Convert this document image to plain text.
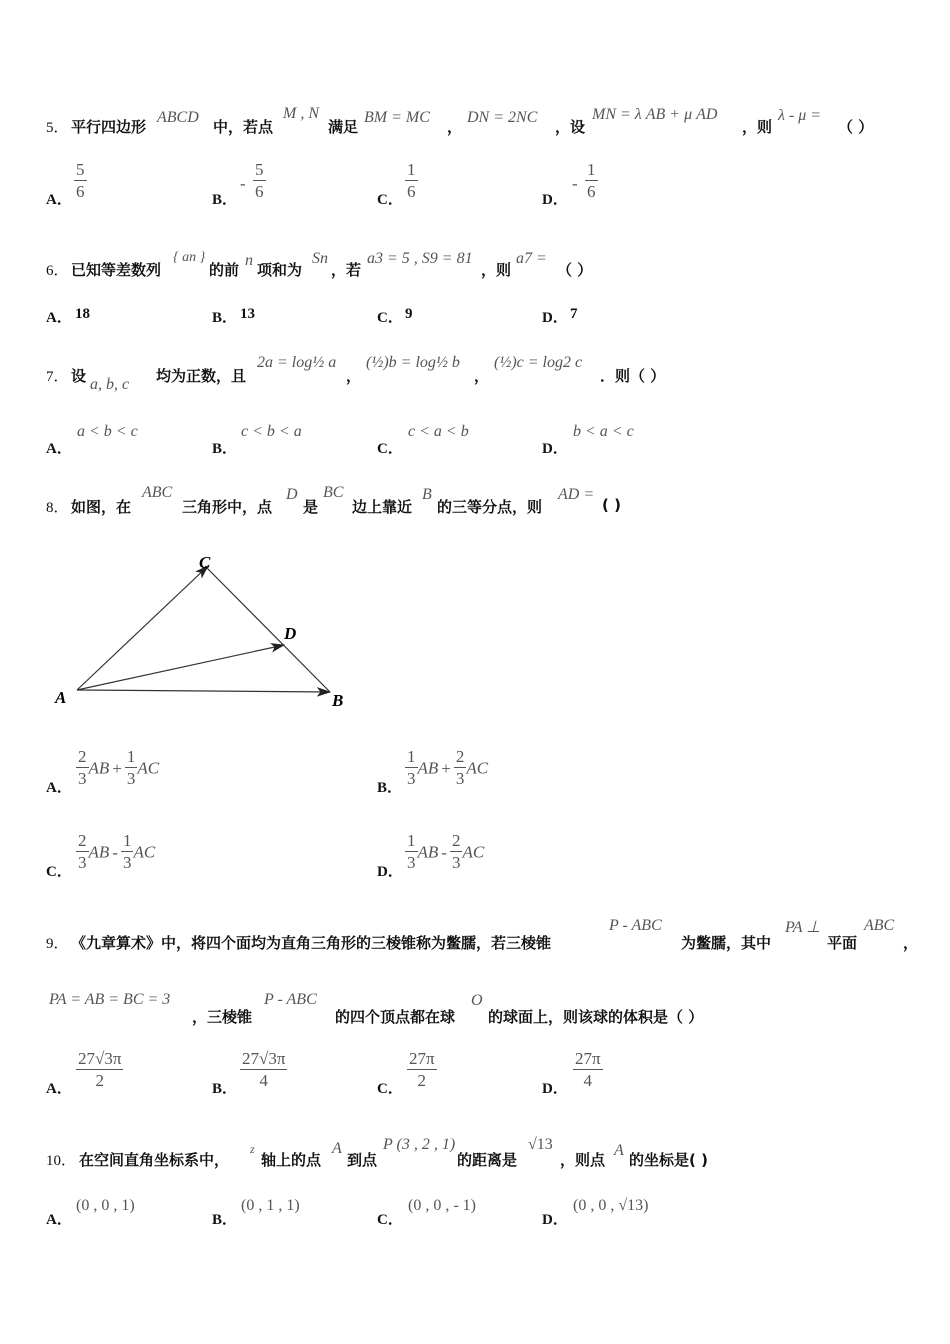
5． 平行四边形
ABCD
中，若点
M , N
满足
BM = MC
，
DN = 2NC
，设
MN = λ AB + μ AD
，则
λ - μ =
（ ）
A． $\frac{5}{6}$	B．
- $\frac{5}{6}$	C． $\frac{1}{6}$	D．
- $\frac{1}{6}$
6． 已知等差数列
{ an }
的前
n
项和为
Sn
，若
a3 = 5 , S9 = 81
，则
a7 =
（ ）
A． 18	B． 13	C． 9	D． 7
7． 设 a, b, c 均为正数，且
2a = log½ a
，
(½)b = log½ b
，
(½)c = log2 c
．则（ ）
A．
a < b < c
B．
c < b < a
C．
c < a < b
D．
b < a < c
8． 如图，在
ABC
三角形中，点
D
是
BC
边上靠近
B
的三等分点，则
AD =
( )
A	B
C
D
A． $\frac{2}{3}$ AB + $\frac{1}{3}$ AC
B． $\frac{1}{3}$ AB + $\frac{2}{3}$ AC
C． $\frac{2}{3}$ AB - $\frac{1}{3}$ AC
D． $\frac{1}{3}$ AB - $\frac{2}{3}$ AC
9． 《九章算术》中，将四个面均为直角三角形的三棱锥称为鳖臑，若三棱锥
P - ABC
为鳖臑，其中
PA ⊥
平面
ABC
，
PA = AB = BC = 3
，三棱锥
P - ABC
的四个顶点都在球
O
的球面上，则该球的体积是（ ）
A． $\frac{27√3\pi}{2}$	B． $\frac{27√3\pi}{4}$	C． $\frac{27\pi}{2}$	D． $\frac{27\pi}{4}$
10． 在空间直角坐标系中，
z
轴上的点
A
到点
P (3 , 2 , 1)
的距离是
√13
，则点
A
的坐标是( )
A．
(0 , 0 , 1)
B．
(0 , 1 , 1)
C．
(0 , 0 , - 1)
D．
(0 , 0 , √13)
